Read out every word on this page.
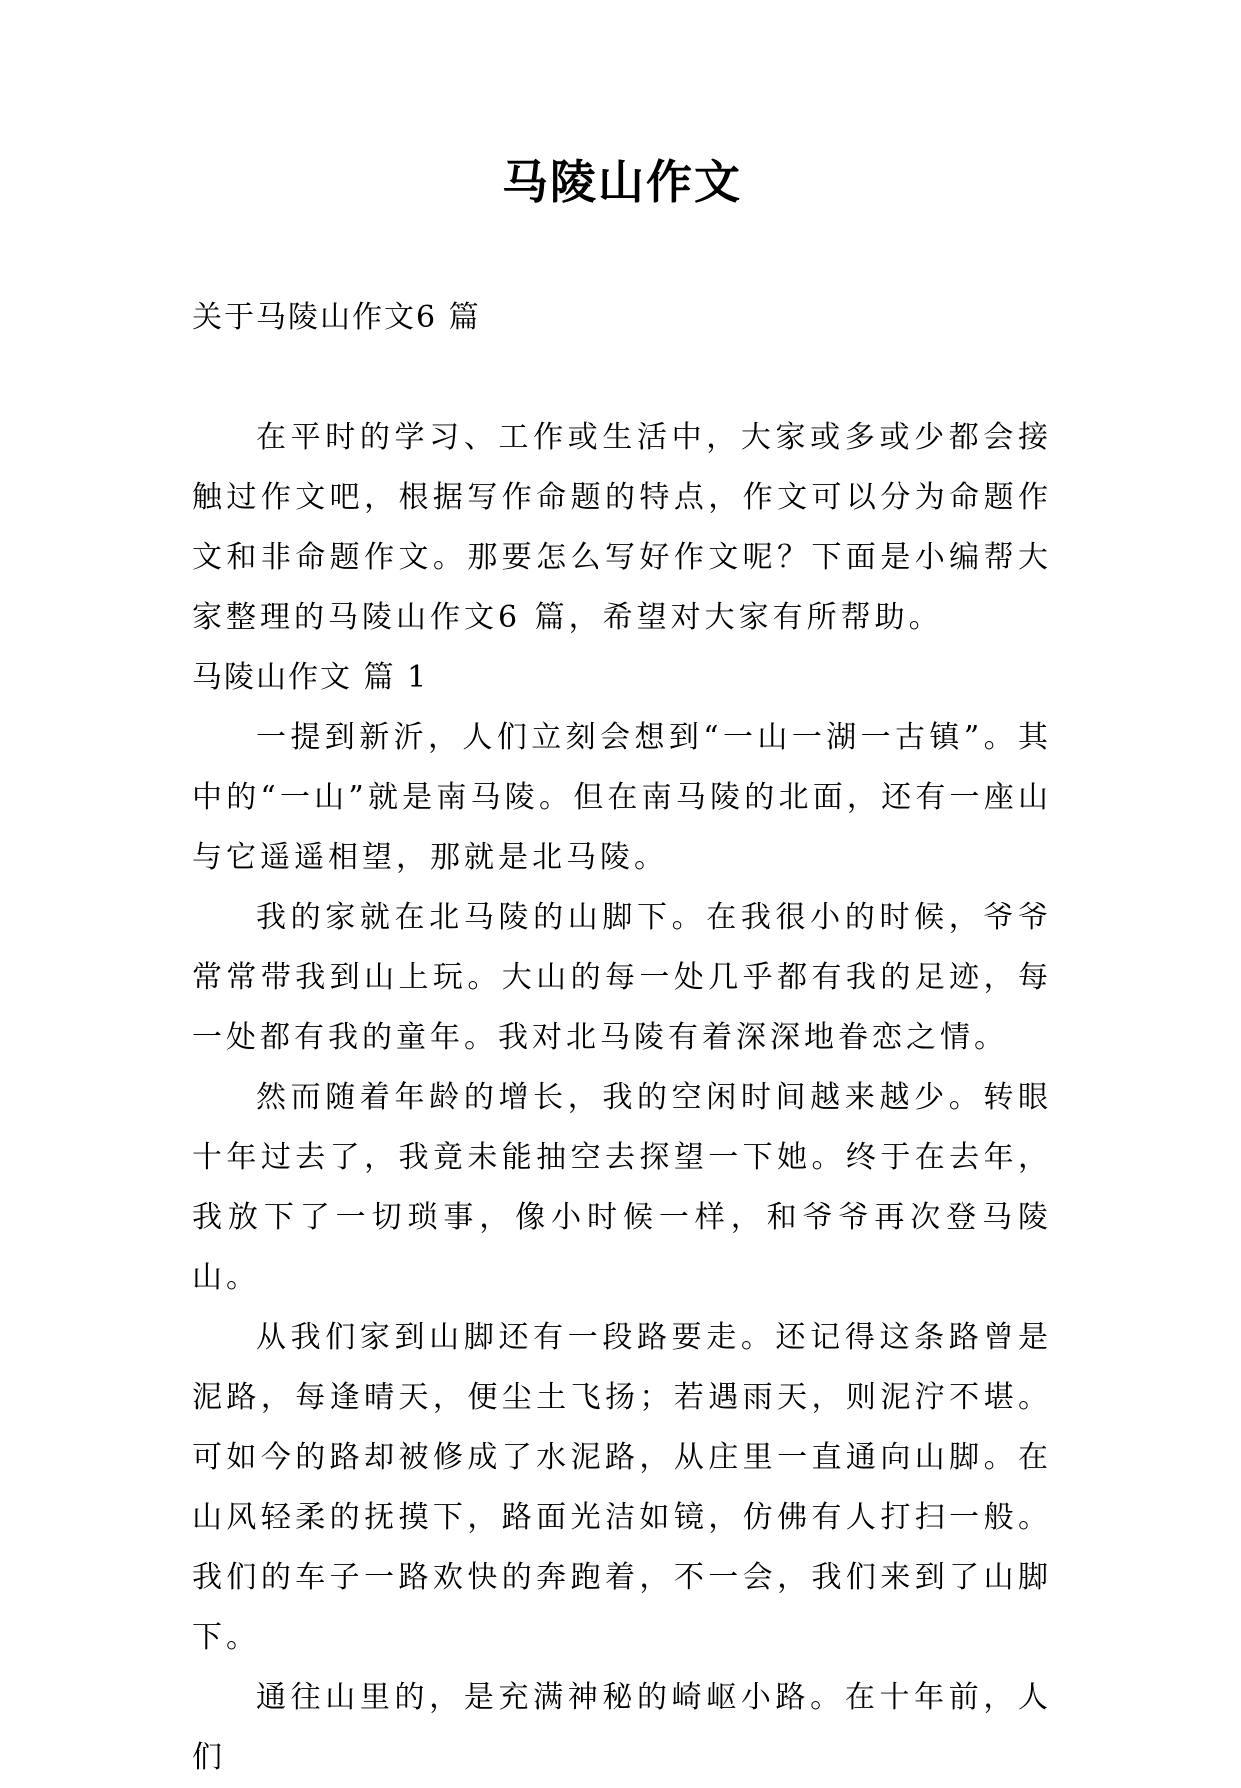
马陵山作文
关于马陵山作文6 篇

在平时的学习、工作或生活中，大家或多或少都会接触过作文吧，根据写作命题的特点，作文可以分为命题作文和非命题作文。那要怎么写好作文呢？下面是小编帮大家整理的马陵山作文6 篇，希望对大家有所帮助。

马陵山作文 篇 1

一提到新沂，人们立刻会想到“一山一湖一古镇”。其中的“一山”就是南马陵。但在南马陵的北面，还有一座山与它遥遥相望，那就是北马陵。

我的家就在北马陵的山脚下。在我很小的时候，爷爷常常带我到山上玩。大山的每一处几乎都有我的足迹，每一处都有我的童年。我对北马陵有着深深地眷恋之情。

然而随着年龄的增长，我的空闲时间越来越少。转眼十年过去了，我竟未能抽空去探望一下她。终于在去年，我放下了一切琐事，像小时候一样，和爷爷再次登马陵山。

从我们家到山脚还有一段路要走。还记得这条路曾是泥路，每逢晴天，便尘土飞扬；若遇雨天，则泥泞不堪。可如今的路却被修成了水泥路，从庄里一直通向山脚。在山风轻柔的抚摸下，路面光洁如镜，仿佛有人打扫一般。我们的车子一路欢快的奔跑着，不一会，我们来到了山脚下。

通往山里的，是充满神秘的崎岖小路。在十年前，人们
